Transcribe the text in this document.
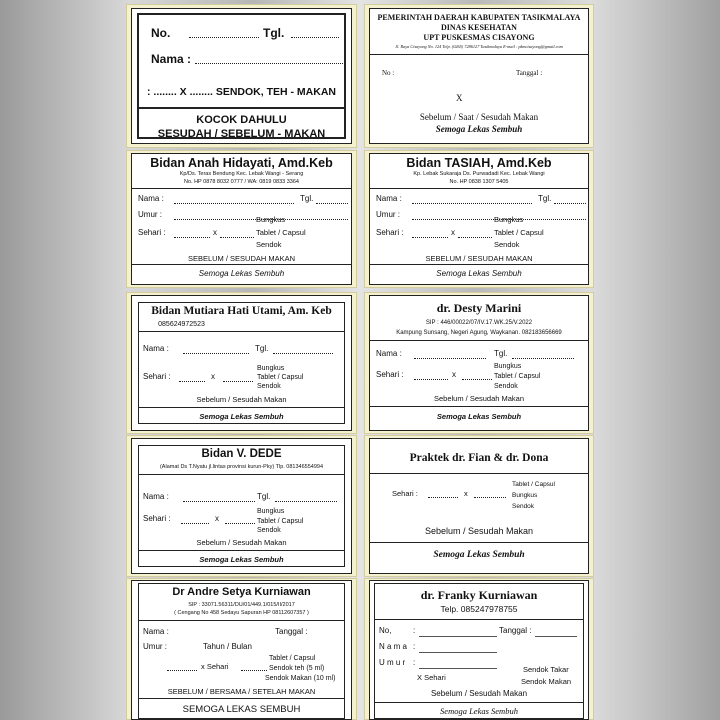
No.	Tgl.
Nama :
: ........ X ........ SENDOK, TEH - MAKAN
KOCOK DAHULU
SESUDAH / SEBELUM - MAKAN
PEMERINTAH DAERAH KABUPATEN TASIKMALAYA
DINAS KESEHATAN
UPT PUSKESMAS CISAYONG
Jl. Raya Cisayong No. 124 Telp. (0265) 7286127 Tasikmalaya E-mail : pkmcisayong@gmail.com
No :	Tanggal :
X
Sebelum / Saat / Sesudah Makan
Semoga Lekas Sembuh
Bidan Anah Hidayati, Amd.Keb
Kp/Ds. Teras Bendung Kec. Lebak Wangi - Serang
No. HP 0878 8032 0777 / WA: 0819 0833 3364
Nama :	Tgl.
Umur :
Bungkus
Sehari :	x	Tablet / Capsul
Sendok
SEBELUM / SESUDAH MAKAN
Semoga Lekas Sembuh
Bidan TASIAH, Amd.Keb
Kp. Lebak Sukaraja Ds. Purwadadi Kec. Lebak Wangi
No. HP 0838 1307 5405
Nama :	Tgl.
Umur :
Bungkus
Sehari :	x	Tablet / Capsul
Sendok
SEBELUM / SESUDAH MAKAN
Semoga Lekas Sembuh
Bidan Mutiara Hati Utami, Am. Keb
085624972523
Nama :	Tgl.
Bungkus
Sehari :	x	Tablet / Capsul
Sendok
Sebelum / Sesudah Makan
Semoga Lekas Sembuh
dr. Desty Marini
SIP : 446/00022/07/IV.17.WK.25/V.2022
Kampung Sunsang, Negeri Agung, Waykanan. 082183656669
Nama :	Tgl.
Bungkus
Sehari :	x	Tablet / Capsul
Sendok
Sebelum / Sesudah Makan
Semoga Lekas Sembuh
Bidan V. DEDE
(Alamat Ds T.Nyatu jl.lintas provinsi kurun-Pky) Tlp. 081346554994
Nama :	Tgl.
Bungkus
Sehari :	x	Tablet / Capsul
Sendok
Sebelum / Sesudah Makan
Semoga Lekas Sembuh
Praktek dr. Fian & dr. Dona
Tablet / Capsul
Sehari :	x	Bungkus
Sendok
Sebelum / Sesudah Makan
Semoga Lekas Sembuh
Dr Andre Setya Kurniawan
SIP : 33071.56311/DU/01/449.1/015/II/2017
( Cengang No 458 Sedayu Sapuran HP 08112607357 )
Nama :	Tanggal :
Umur :	Tahun / Bulan
Tablet / Capsul
x Sehari	Sendok teh (5 ml)
Sendok Makan (10 ml)
SEBELUM / BERSAMA / SETELAH MAKAN
SEMOGA LEKAS SEMBUH
dr. Franky Kurniawan
Telp. 085247978755
No,	:	Tanggal :
N a m a :
U m u r :
Sendok Takar
X Sehari	Sendok Makan
Sebelum / Sesudah Makan
Semoga Lekas Sembuh
